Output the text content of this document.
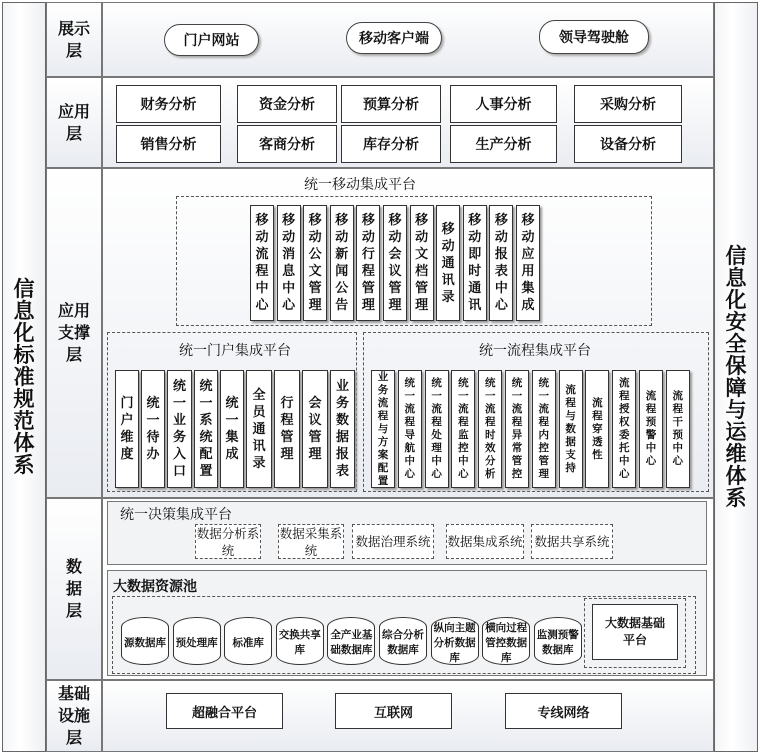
信
息
化
标
准
规
范
体
系
信
息
化
安
全
保
障
与
运
维
体
系
展示层
应用层
应用支撑层
数据层
基础设施层
门户网站	移动客户端	领导驾驶舱
财务分析	资金分析	预算分析	人事分析	采购分析
销售分析	客商分析	库存分析	生产分析	设备分析
统一移动集成平台
移动流程中心
移动消息中心
移动公文管理
移动新闻公告
移动行程管理
移动会议管理
移动文档管理
移动通讯录
移动即时通讯
移动报表中心
移动应用集成
统一门户集成平台
门户维度
统一待办
统一业务入口
统一系统配置
统一集成
全员通讯录
行程管理
会议管理
业务数据报表
统一流程集成平台
业务流程与方案配置
统一流程导航中心
统一流程处理中心
统一流程监控中心
统一流程时效分析
统一流程异常管控
统一流程内控管理
流程与数据支持
流程穿透性
流程授权委托中心
流程预警中心
流程干预中心
统一决策集成平台
数据分析系统
数据采集系统
数据治理系统 数据集成系统 数据共享系统
大数据资源池
源数据库 预处理库	标准库
交换共享库
全产业基础数据库
综合分析数据库
纵向主题分析数据库
横向过程管控数据库
监测预警数据库
大数据基础平台
超融合平台	互联网	专线网络
